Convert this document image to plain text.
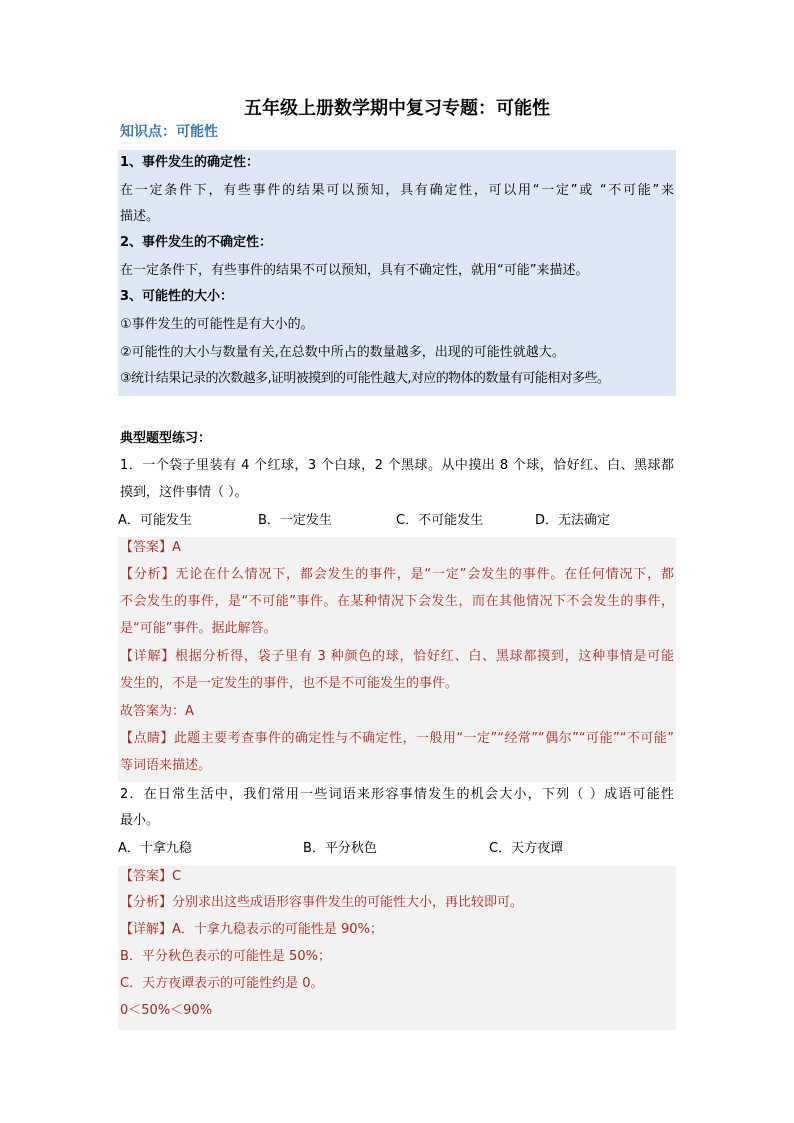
五年级上册数学期中复习专题：可能性
知识点：可能性
1、事件发生的确定性：
在一定条件下，有些事件的结果可以预知，具有确定性，可以用“一定”或 “不可能”来
描述。
2、事件发生的不确定性：
在一定条件下，有些事件的结果不可以预知，具有不确定性，就用“可能”来描述。
3、可能性的大小：
①事件发生的可能性是有大小的。
②可能性的大小与数量有关,在总数中所占的数量越多，出现的可能性就越大。
③统计结果记录的次数越多,证明被摸到的可能性越大,对应的物体的数量有可能相对多些。
典型题型练习：
1．一个袋子里装有 4 个红球，3 个白球，2 个黑球。从中摸出 8 个球，恰好红、白、黑球都
摸到，这件事情（ ）。
A．可能发生	B．一定发生	C．不可能发生	D．无法确定
【答案】A
【分析】无论在什么情况下，都会发生的事件，是“一定”会发生的事件。在任何情况下，都
不会发生的事件，是“不可能”事件。在某种情况下会发生，而在其他情况下不会发生的事件，
是“可能”事件。据此解答。
【详解】根据分析得，袋子里有 3 种颜色的球，恰好红、白、黑球都摸到，这种事情是可能
发生的，不是一定发生的事件，也不是不可能发生的事件。
故答案为：A
【点睛】此题主要考查事件的确定性与不确定性，一般用“一定”“经常”“偶尔”“可能”“不可能”
等词语来描述。
2．在日常生活中，我们常用一些词语来形容事情发生的机会大小，下列（ ）成语可能性
最小。
A．十拿九稳	B．平分秋色	C．天方夜谭
【答案】C
【分析】分别求出这些成语形容事件发生的可能性大小，再比较即可。
【详解】A．十拿九稳表示的可能性是 90%；
B．平分秋色表示的可能性是 50%；
C．天方夜谭表示的可能性约是 0。
0＜50%＜90%
